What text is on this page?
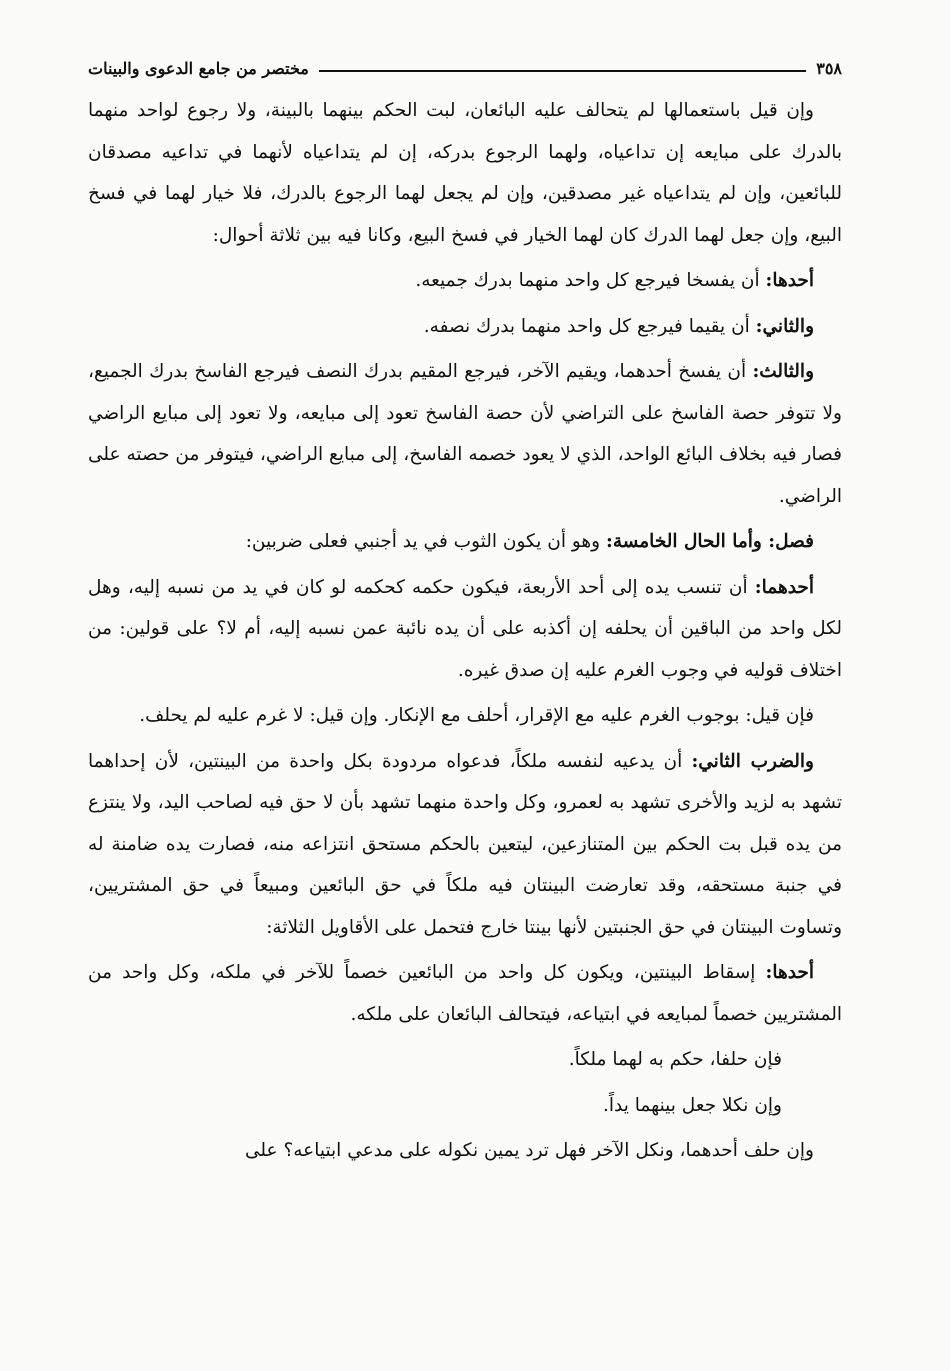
٣٥٨
مختصر من جامع الدعوى والبينات

وإن قيل باستعمالها لم يتحالف عليه البائعان، لبت الحكم بينهما بالبينة، ولا رجوع لواحد منهما بالدرك على مبايعه إن تداعياه، ولهما الرجوع بدركه، إن لم يتداعياه لأنهما في تداعيه مصدقان للبائعين، وإن لم يتداعياه غير مصدقين، وإن لم يجعل لهما الرجوع بالدرك، فلا خيار لهما في فسخ البيع، وإن جعل لهما الدرك كان لهما الخيار في فسخ البيع، وكانا فيه بين ثلاثة أحوال:

أحدها: أن يفسخا فيرجع كل واحد منهما بدرك جميعه.

والثاني: أن يقيما فيرجع كل واحد منهما بدرك نصفه.

والثالث: أن يفسخ أحدهما، ويقيم الآخر، فيرجع المقيم بدرك النصف فيرجع الفاسخ بدرك الجميع، ولا تتوفر حصة الفاسخ على التراضي لأن حصة الفاسخ تعود إلى مبايعه، ولا تعود إلى مبايع الراضي فصار فيه بخلاف البائع الواحد، الذي لا يعود خصمه الفاسخ، إلى مبايع الراضي، فيتوفر من حصته على الراضي.

فصل: وأما الحال الخامسة: وهو أن يكون الثوب في يد أجنبي فعلى ضربين:

أحدهما: أن تنسب يده إلى أحد الأربعة، فيكون حكمه كحكمه لو كان في يد من نسبه إليه، وهل لكل واحد من الباقين أن يحلفه إن أكذبه على أن يده نائبة عمن نسبه إليه، أم لا؟ على قولين: من اختلاف قوليه في وجوب الغرم عليه إن صدق غيره.

فإن قيل: بوجوب الغرم عليه مع الإقرار، أحلف مع الإنكار. وإن قيل: لا غرم عليه لم يحلف.

والضرب الثاني: أن يدعيه لنفسه ملكاً، فدعواه مردودة بكل واحدة من البينتين، لأن إحداهما تشهد به لزيد والأخرى تشهد به لعمرو، وكل واحدة منهما تشهد بأن لا حق فيه لصاحب اليد، ولا ينتزع من يده قبل بت الحكم بين المتنازعين، ليتعين بالحكم مستحق انتزاعه منه، فصارت يده ضامنة له في جنبة مستحقه، وقد تعارضت البينتان فيه ملكاً في حق البائعين ومبيعاً في حق المشتريين، وتساوت البينتان في حق الجنبتين لأنها بينتا خارج فتحمل على الأقاويل الثلاثة:

أحدها: إسقاط البينتين، ويكون كل واحد من البائعين خصماً للآخر في ملكه، وكل واحد من المشتريين خصماً لمبايعه في ابتياعه، فيتحالف البائعان على ملكه.

فإن حلفا، حكم به لهما ملكاً.

وإن نكلا جعل بينهما يداً.

وإن حلف أحدهما، ونكل الآخر فهل ترد يمين نكوله على مدعي ابتياعه؟ على
